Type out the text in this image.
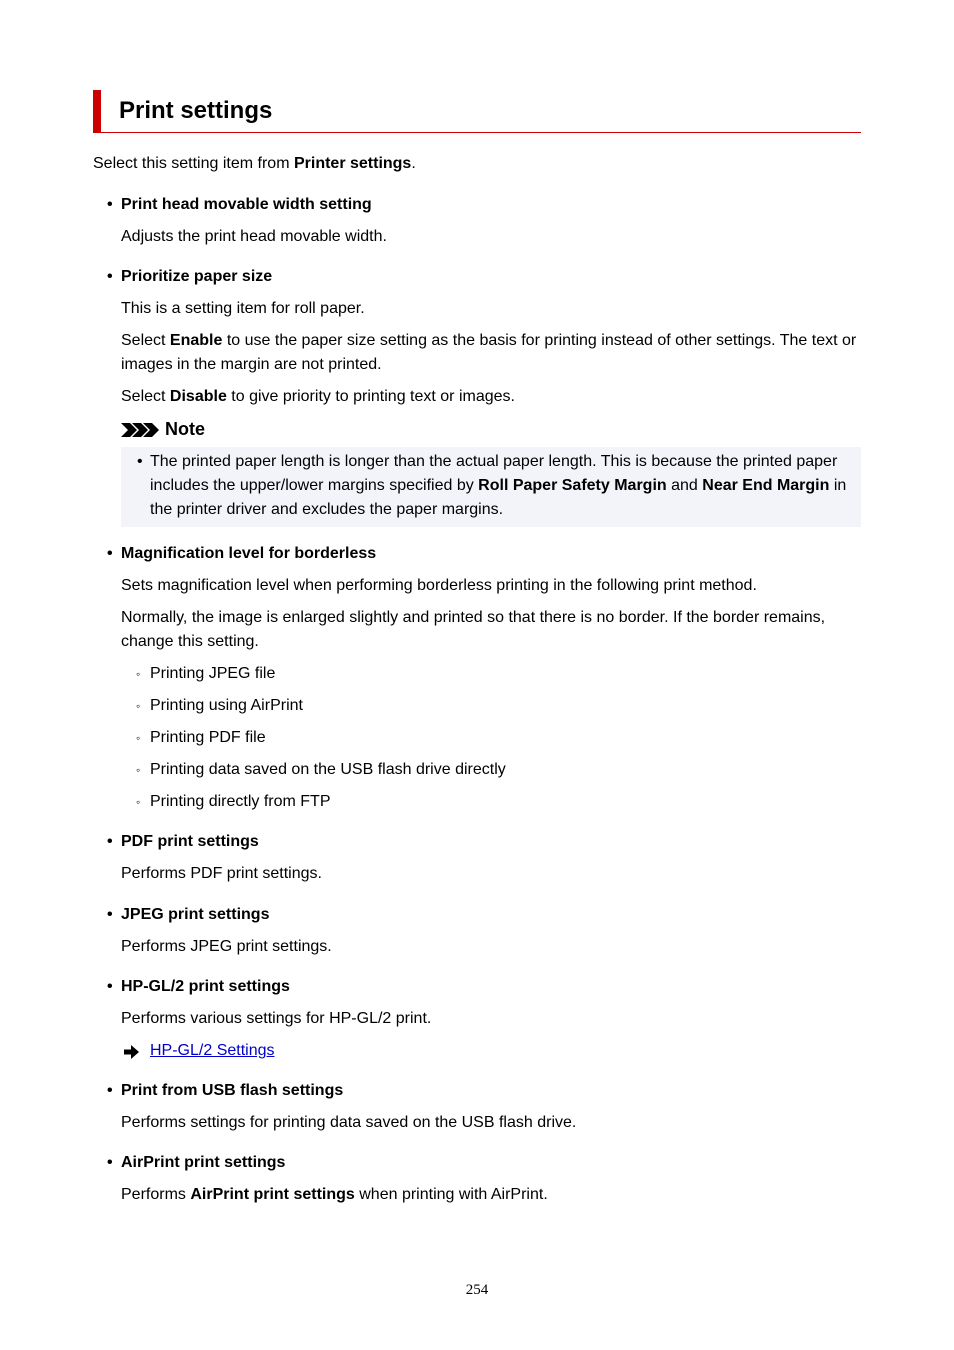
Print settings
Select this setting item from Printer settings.
• Print head movable width setting
Adjusts the print head movable width.
• Prioritize paper size
This is a setting item for roll paper.
Select Enable to use the paper size setting as the basis for printing instead of other settings. The text or
images in the margin are not printed.
Select Disable to give priority to printing text or images.
Note
• The printed paper length is longer than the actual paper length. This is because the printed paper
includes the upper/lower margins specified by Roll Paper Safety Margin and Near End Margin in
the printer driver and excludes the paper margins.
• Magnification level for borderless
Sets magnification level when performing borderless printing in the following print method.
Normally, the image is enlarged slightly and printed so that there is no border. If the border remains,
change this setting.
◦ Printing JPEG file
◦ Printing using AirPrint
◦ Printing PDF file
◦ Printing data saved on the USB flash drive directly
◦ Printing directly from FTP
• PDF print settings
Performs PDF print settings.
• JPEG print settings
Performs JPEG print settings.
• HP-GL/2 print settings
Performs various settings for HP-GL/2 print.
HP-GL/2 Settings
• Print from USB flash settings
Performs settings for printing data saved on the USB flash drive.
• AirPrint print settings
Performs AirPrint print settings when printing with AirPrint.
254
